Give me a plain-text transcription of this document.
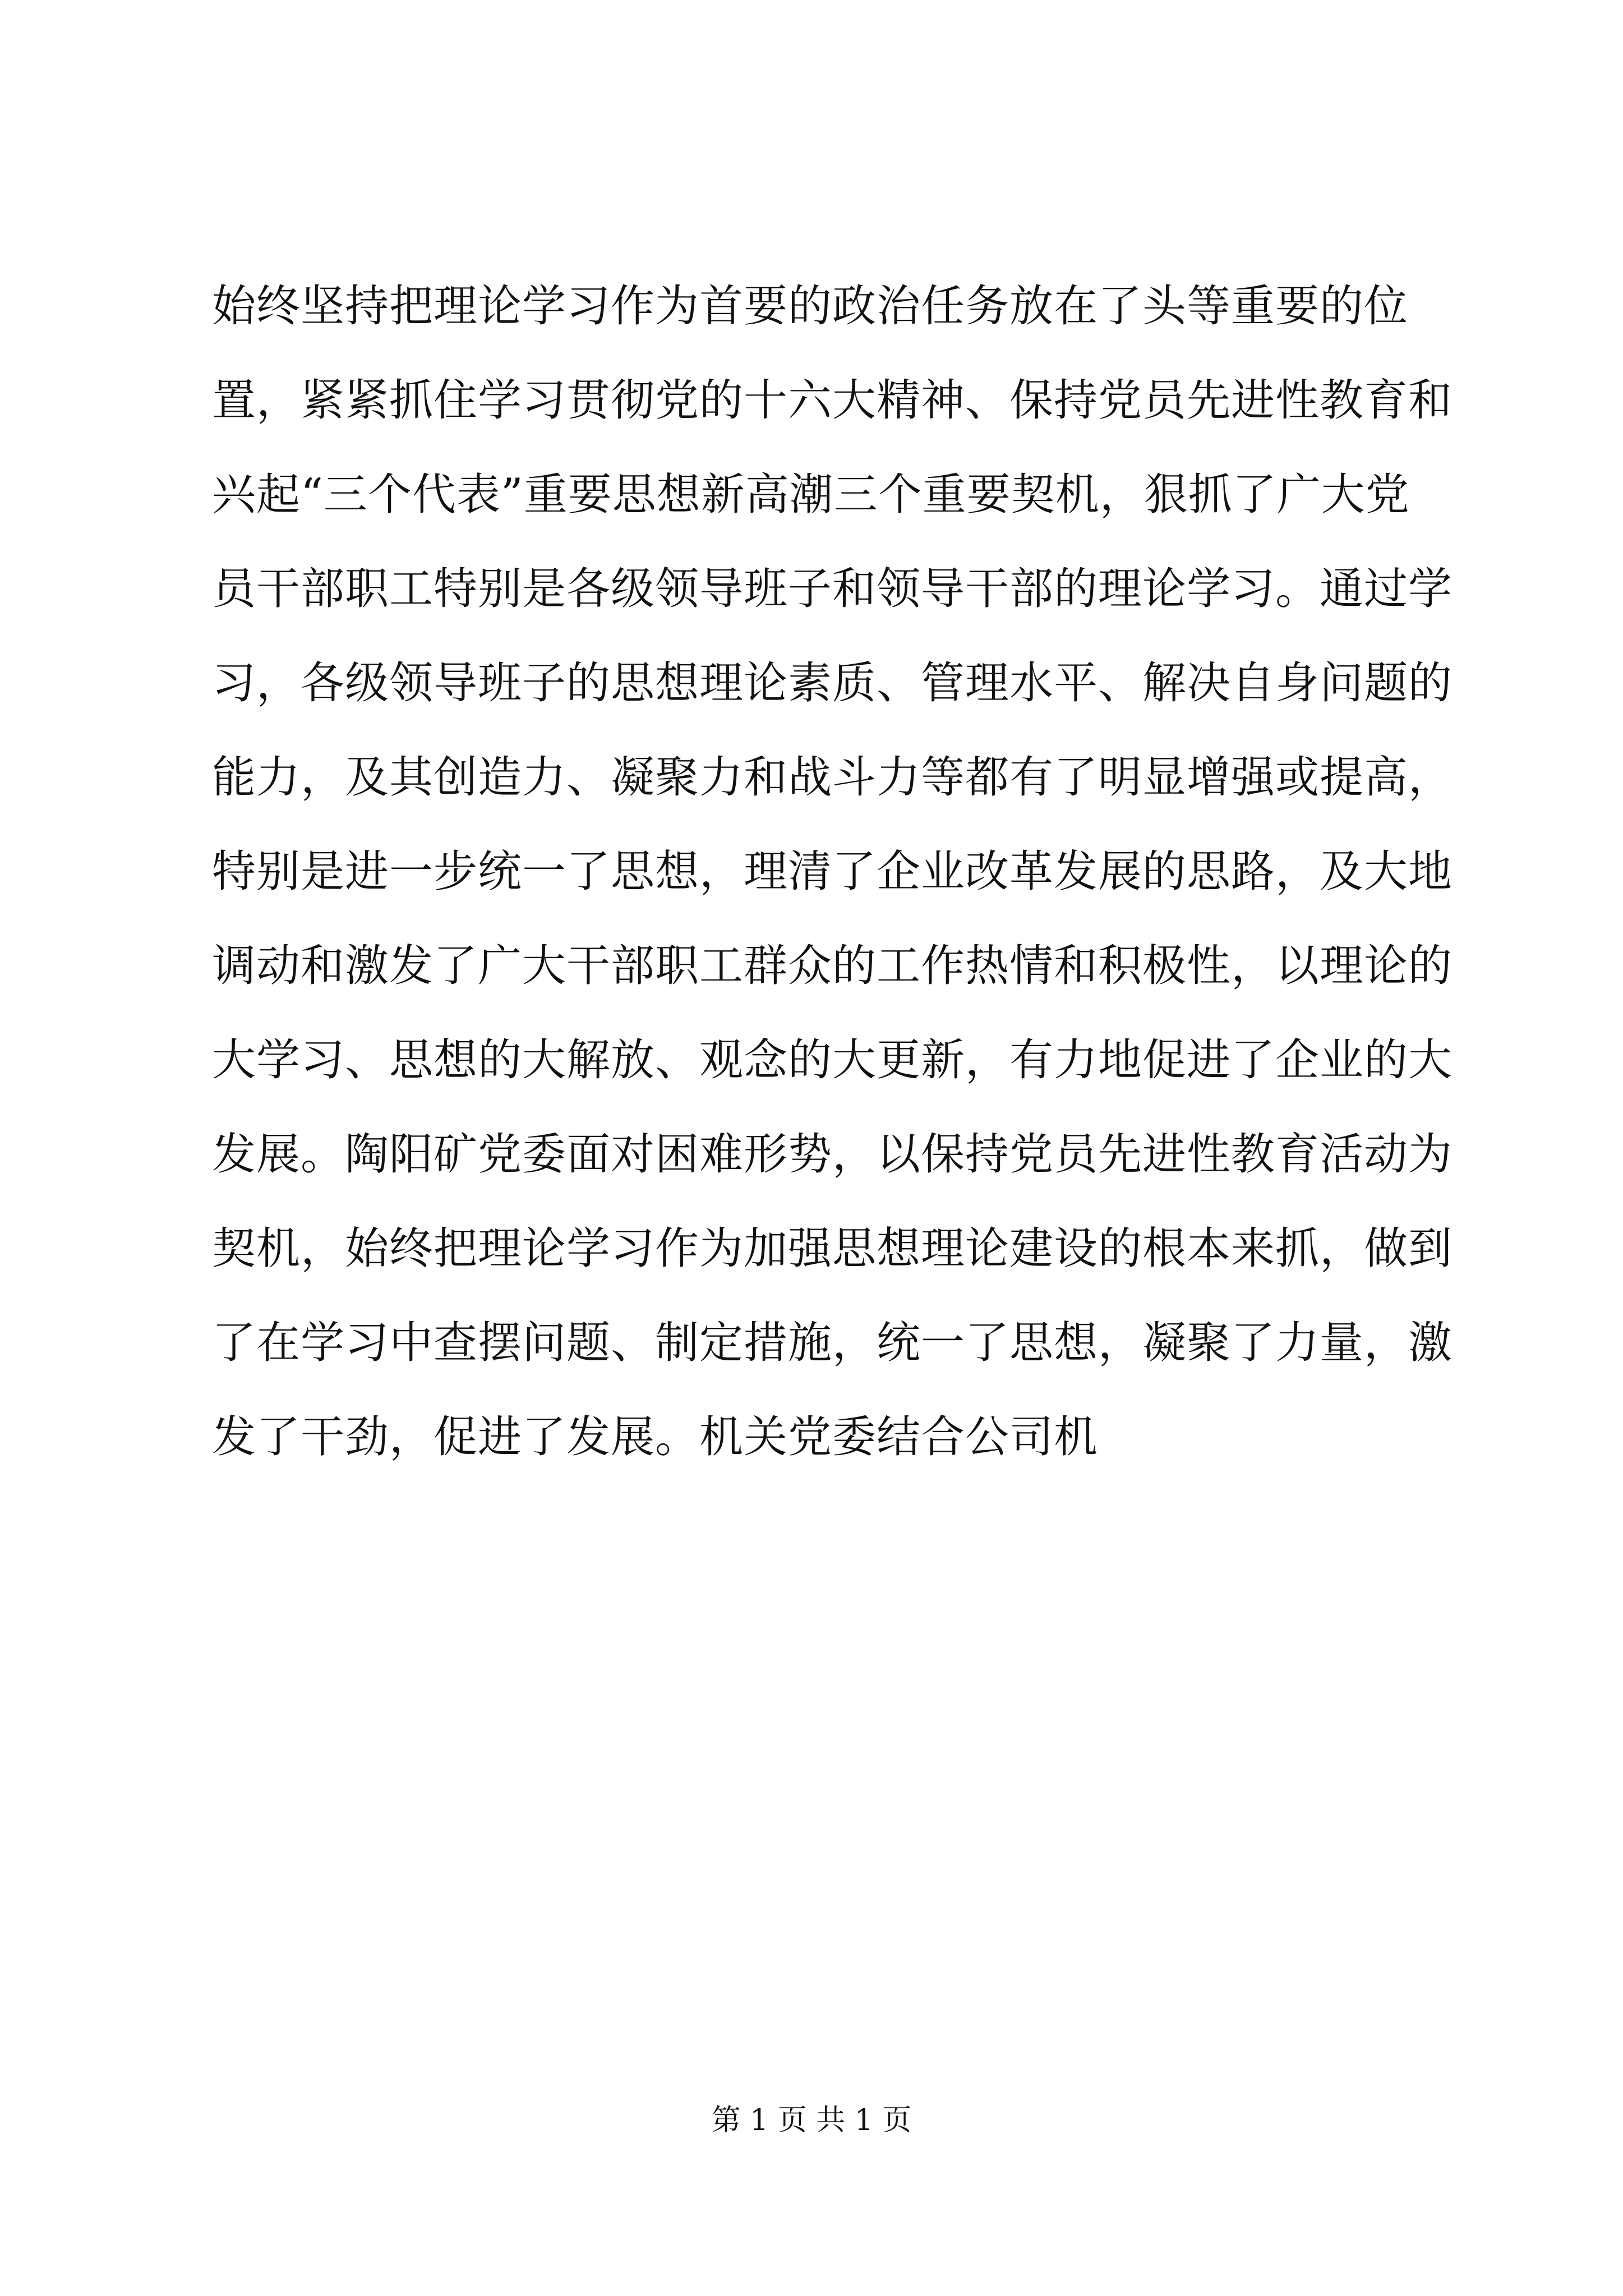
始终坚持把理论学习作为首要的政治任务放在了头等重要的位
置，紧紧抓住学习贯彻党的十六大精神、保持党员先进性教育和
兴起“三个代表”重要思想新高潮三个重要契机，狠抓了广大党
员干部职工特别是各级领导班子和领导干部的理论学习。通过学
习，各级领导班子的思想理论素质、管理水平、解决自身问题的
能力，及其创造力、凝聚力和战斗力等都有了明显增强或提高，
特别是进一步统一了思想，理清了企业改革发展的思路，及大地
调动和激发了广大干部职工群众的工作热情和积极性，以理论的
大学习、思想的大解放、观念的大更新，有力地促进了企业的大
发展。陶阳矿党委面对困难形势，以保持党员先进性教育活动为
契机，始终把理论学习作为加强思想理论建设的根本来抓，做到
了在学习中查摆问题、制定措施，统一了思想，凝聚了力量，激
发了干劲，促进了发展。机关党委结合公司机
第 1 页 共 1 页
